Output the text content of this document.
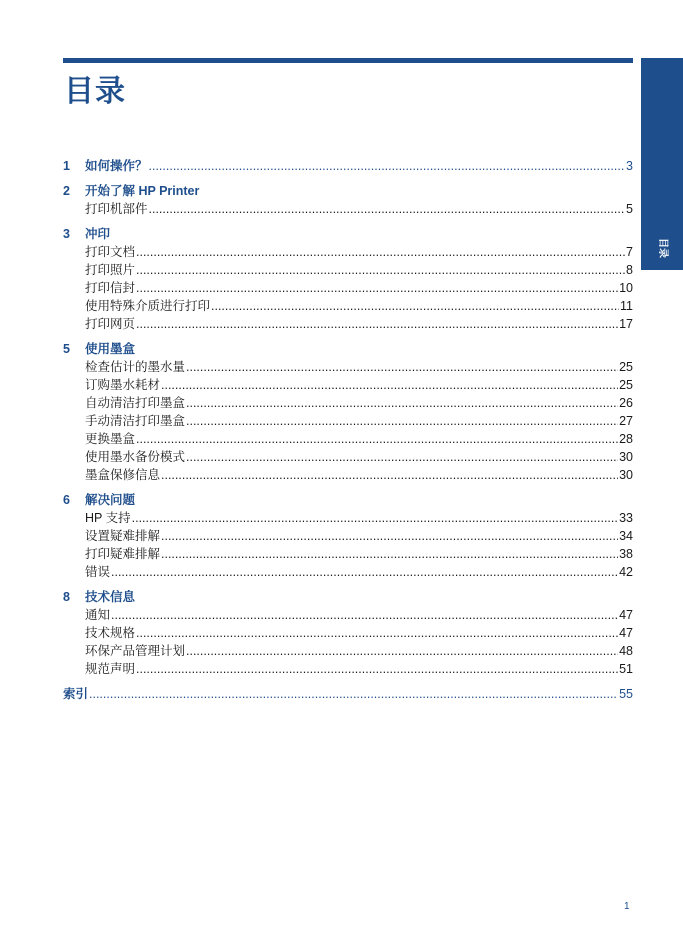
目录
目录
1	如何操作？ .....	3
2	开始了解 HP Printer
打印机部件 .....	5
3	冲印
打印文档 .....	7
打印照片 .....	8
打印信封 .....	10
使用特殊介质进行打印 .....	11
打印网页 .....	17
5	使用墨盒
检查估计的墨水量 .....	25
订购墨水耗材 .....	25
自动清洁打印墨盒 .....	26
手动清洁打印墨盒 .....	27
更换墨盒 .....	28
使用墨水备份模式 .....	30
墨盒保修信息 .....	30
6	解决问题
HP 支持 .....	33
设置疑难排解 .....	34
打印疑难排解 .....	38
错误 .....	42
8	技术信息
通知 .....	47
技术规格 .....	47
环保产品管理计划 .....	48
规范声明 .....	51
索引 .....	55
1
